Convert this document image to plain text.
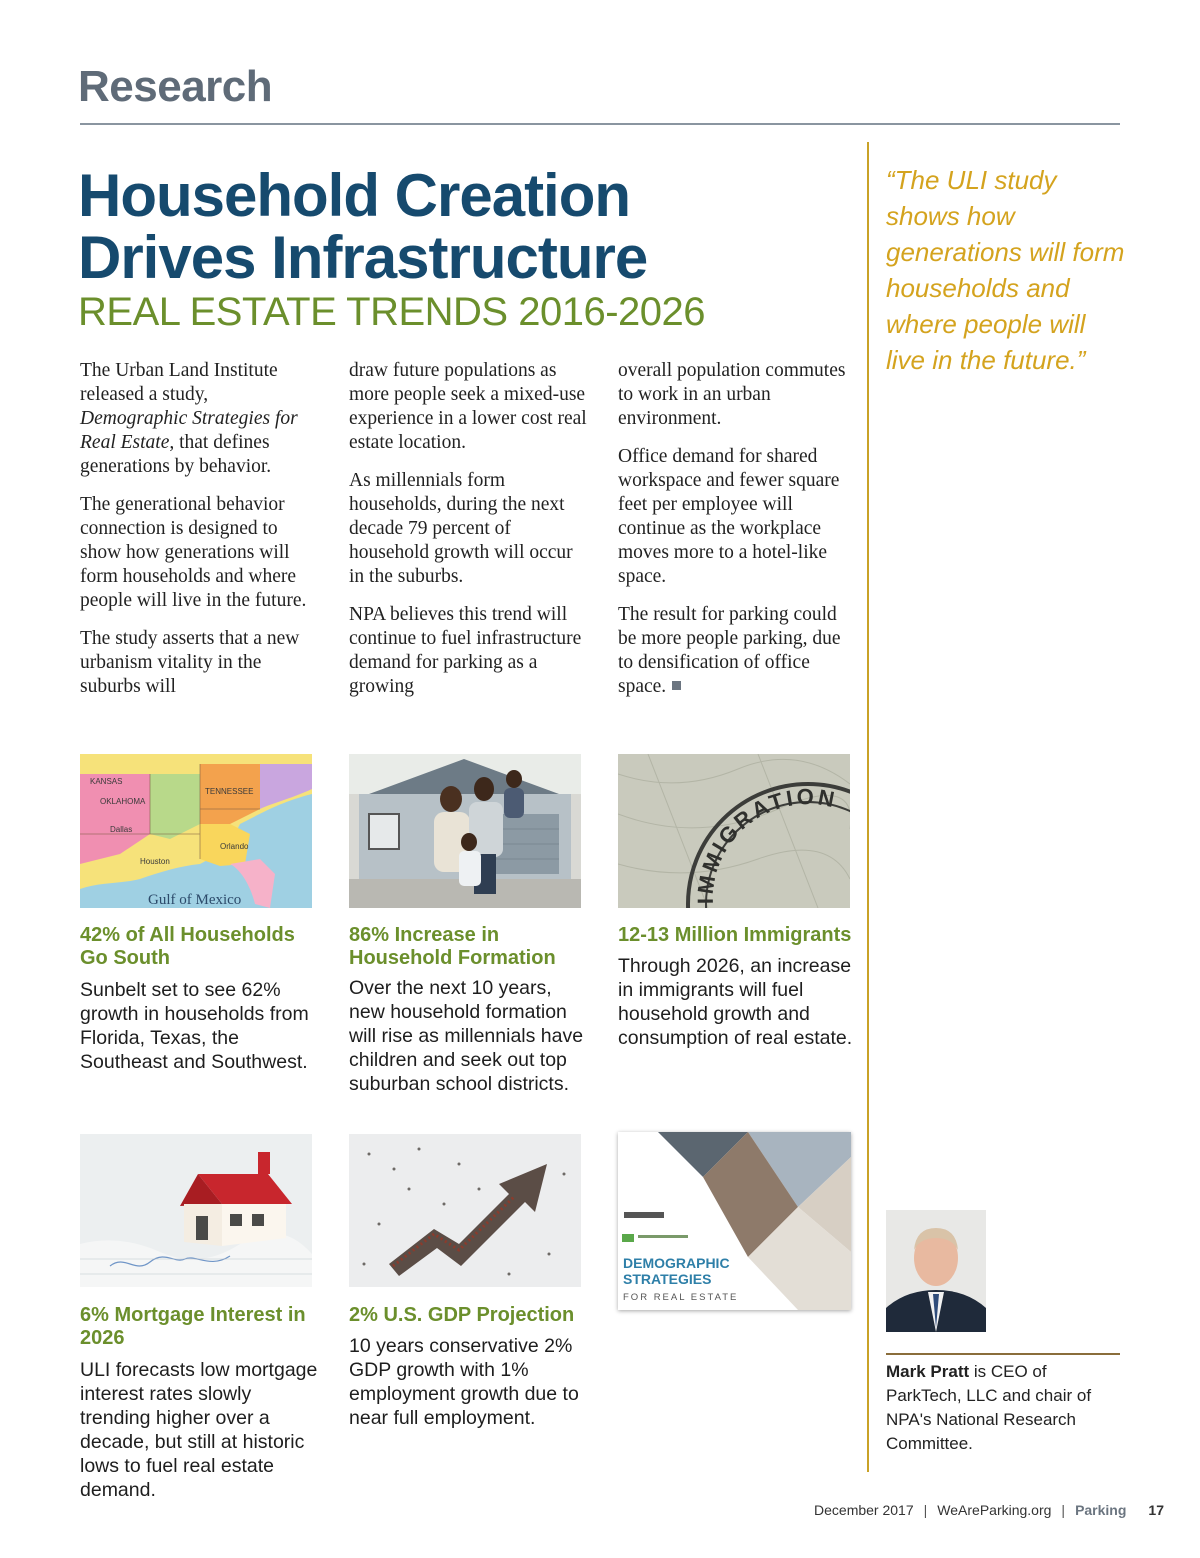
Research
Household Creation
Drives Infrastructure
REAL ESTATE TRENDS 2016-2026

The Urban Land Institute released a study, Demographic Strategies for Real Estate, that defines generations by behavior.

The generational behavior connection is designed to show how generations will form households and where people will live in the future.

The study asserts that a new urbanism vitality in the suburbs will

draw future populations as more people seek a mixed-use experience in a lower cost real estate location.

As millennials form households, during the next decade 79 percent of household growth will occur in the suburbs.

NPA believes this trend will continue to fuel infrastructure demand for parking as a growing

overall population commutes to work in an urban environment.

Office demand for shared workspace and fewer square feet per employee will continue as the workplace moves more to a hotel-like space.

The result for parking could be more people parking, due to densification of office space.

“The ULI study shows how generations will form households and where people will live in the future.”
KANSAS
OKLAHOMA
Dallas
Houston
TENNESSEE
Orlando
Gulf of Mexico	IMMIGRATION
42% of All Households Go South
Sunbelt set to see 62% growth in households from Florida, Texas, the Southeast and Southwest.
86% Increase in Household Formation
Over the next 10 years, new household formation will rise as millennials have children and seek out top suburban school districts.
12-13 Million Immigrants
Through 2026, an increase in immigrants will fuel household growth and consumption of real estate.
DEMOGRAPHIC
STRATEGIES
FOR REAL ESTATE
6% Mortgage Interest in 2026
ULI forecasts low mortgage interest rates slowly trending higher over a decade, but still at historic lows to fuel real estate demand.
2% U.S. GDP Projection
10 years conservative 2% GDP growth with 1% employment growth due to near full employment.
Mark Pratt is CEO of ParkTech, LLC and chair of NPA's National Research Committee.
December 2017 | WeAreParking.org | Parking 17
